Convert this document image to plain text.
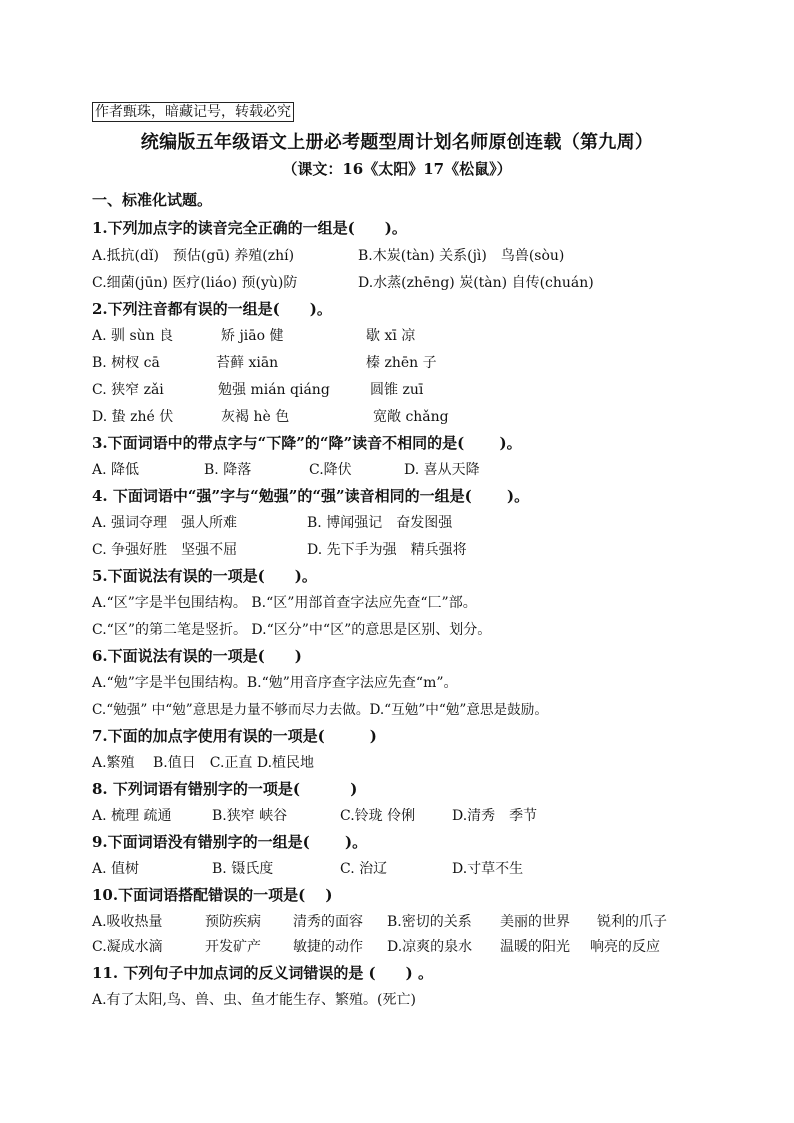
作者甄珠，暗藏记号，转载必究
统编版五年级语文上册必考题型周计划名师原创连载（第九周）
（课文：16《太阳》17《松鼠》）
一、标准化试题。
1.下列加点字的读音完全正确的一组是(　　)。
A.抵抗(dǐ)　预估(gū) 养殖(zhí)	B.木炭(tàn) 关系(jì)　鸟兽(sòu)
C.细菌(jūn) 医疗(liáo) 预(yù)防	D.水蒸(zhēng) 炭(tàn) 自传(chuán)
2.下列注音都有误的一组是(　　)。
A. 驯 sùn 良	矫 jiāo 健	歇 xī 凉
B. 树杈 cā	苔藓 xiān	榛 zhēn 子
C. 狭窄 zǎi	勉强 mián qiáng	圆锥 zuī
D. 蛰 zhé 伏	灰褐 hè 色	宽敞 chǎng
3.下面词语中的带点字与“下降”的“降”读音不相同的是(　　 )。
A. 降低	B. 降落	C.降伏	D. 喜从天降
4. 下面词语中“强”字与“勉强”的“强”读音相同的一组是(　　 )。
A. 强词夺理　强人所难	B. 博闻强记　奋发图强
C. 争强好胜　坚强不屈	D. 先下手为强　精兵强将
5.下面说法有误的一项是(　　)。
A.“区”字是半包围结构。 B.“区”用部首查字法应先查“匚”部。
C.“区”的第二笔是竖折。 D.“区分”中“区”的意思是区别、划分。
6.下面说法有误的一项是(　　)
A.“勉”字是半包围结构。B.“勉”用音序查字法应先查“m”。
C.“勉强” 中“勉”意思是力量不够而尽力去做。D.“互勉”中“勉”意思是鼓励。
7.下面的加点字使用有误的一项是(　　　)
A.繁殖　 B.值日　C.正直 D.植民地
8. 下列词语有错别字的一项是(　　　 )
A. 梳理 疏通	B.狭窄 峡谷	C.铃珑 伶俐	D.清秀　季节
9.下面词语没有错别字的一组是(　　 )。
A. 值树	B. 镊氏度	C. 治辽	D.寸草不生
10.下面词语搭配错误的一项是(　 )
A.吸收热量	预防疾病 清秀的面容 B.密切的关系 美丽的世界 锐利的爪子
C.凝成水滴	开发矿产 敏捷的动作 D.凉爽的泉水 温暖的阳光 响亮的反应
11. 下列句子中加点词的反义词错误的是 (　　) 。
A.有了太阳,鸟、兽、虫、鱼才能生存、繁殖。(死亡)
